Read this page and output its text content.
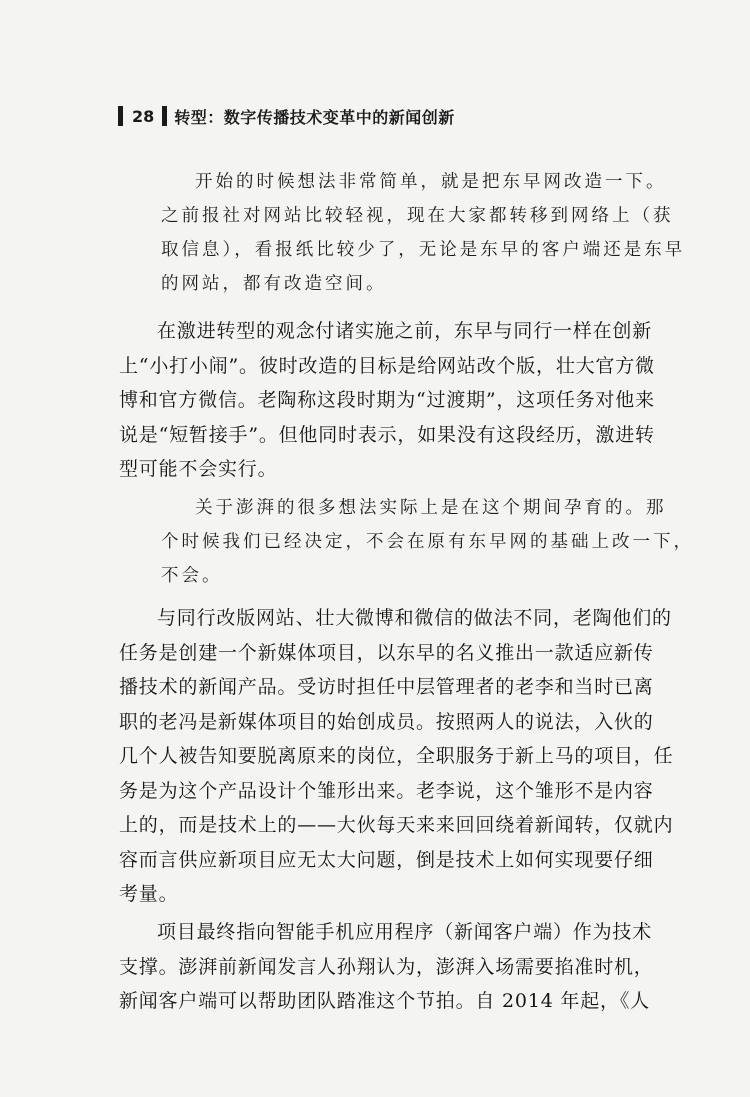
28 转型：数字传播技术变革中的新闻创新
开始的时候想法非常简单，就是把东早网改造一下。
之前报社对网站比较轻视，现在大家都转移到网络上（获
取信息），看报纸比较少了，无论是东早的客户端还是东早
的网站，都有改造空间。
在激进转型的观念付诸实施之前，东早与同行一样在创新
上“小打小闹”。彼时改造的目标是给网站改个版，壮大官方微
博和官方微信。老陶称这段时期为“过渡期”，这项任务对他来
说是“短暂接手”。但他同时表示，如果没有这段经历，激进转
型可能不会实行。
关于澎湃的很多想法实际上是在这个期间孕育的。那
个时候我们已经决定，不会在原有东早网的基础上改一下，
不会。
与同行改版网站、壮大微博和微信的做法不同，老陶他们的
任务是创建一个新媒体项目，以东早的名义推出一款适应新传
播技术的新闻产品。受访时担任中层管理者的老李和当时已离
职的老冯是新媒体项目的始创成员。按照两人的说法，入伙的
几个人被告知要脱离原来的岗位，全职服务于新上马的项目，任
务是为这个产品设计个雏形出来。老李说，这个雏形不是内容
上的，而是技术上的——大伙每天来来回回绕着新闻转，仅就内
容而言供应新项目应无太大问题，倒是技术上如何实现要仔细
考量。
项目最终指向智能手机应用程序（新闻客户端）作为技术
支撑。澎湃前新闻发言人孙翔认为，澎湃入场需要掐准时机，
新闻客户端可以帮助团队踏准这个节拍。自 2014 年起，《人
